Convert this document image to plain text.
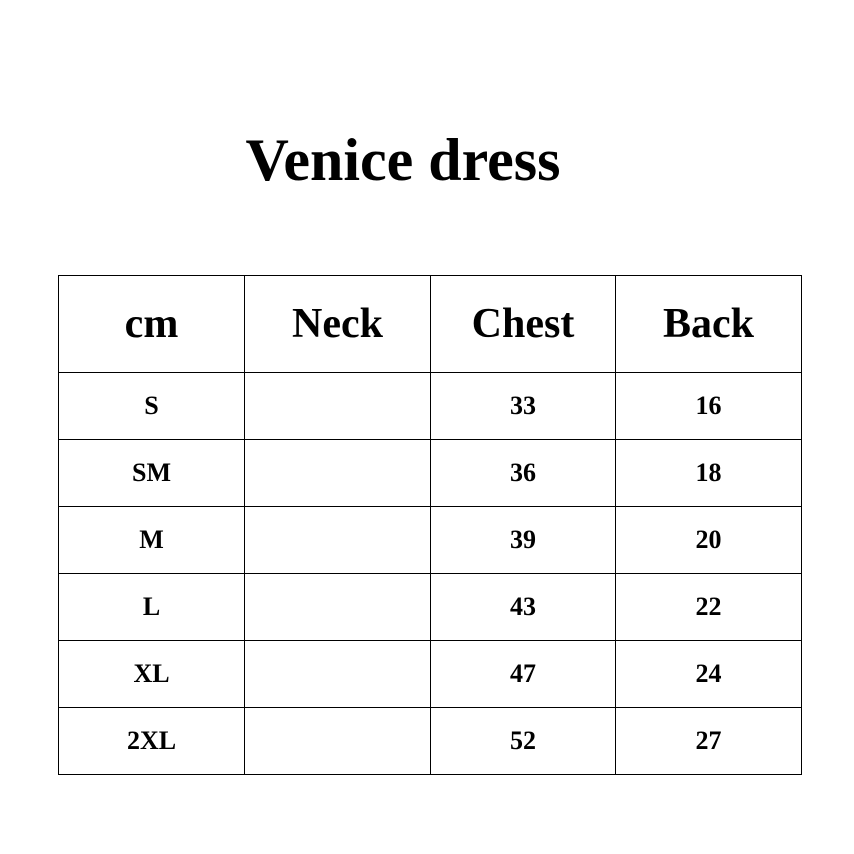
Venice dress
cm	Neck	Chest	Back
S		33	16
SM		36	18
M		39	20
L		43	22
XL		47	24
2XL		52	27
